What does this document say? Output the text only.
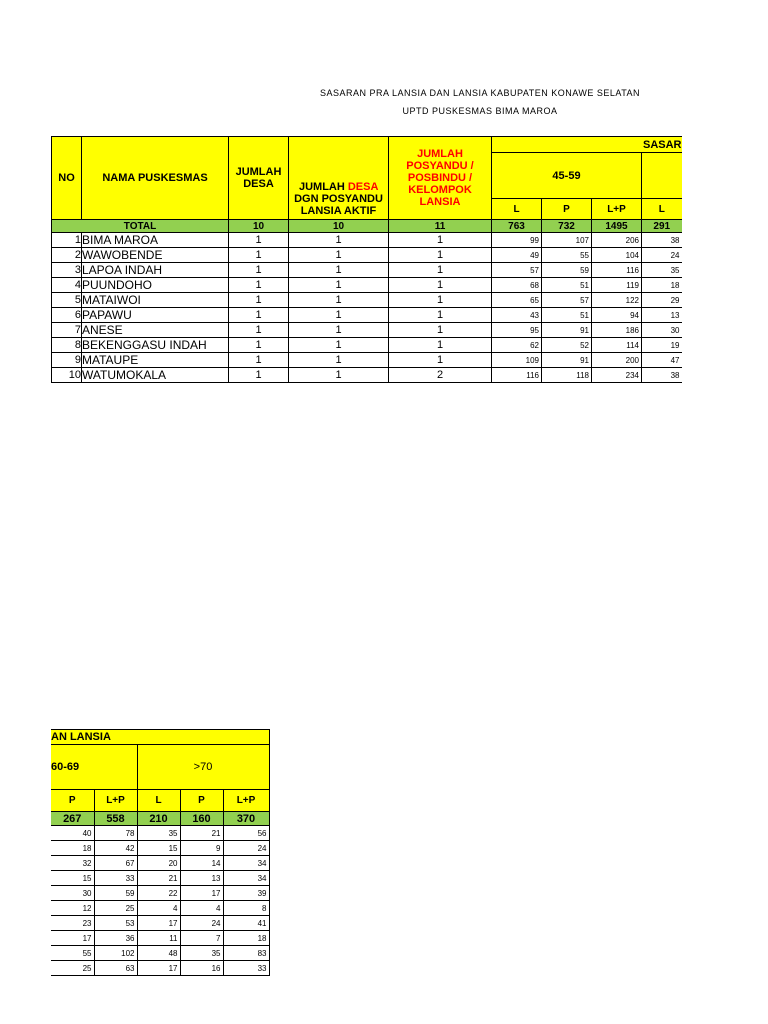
SASARAN PRA LANSIA DAN LANSIA KABUPATEN KONAWE SELATAN
UPTD PUSKESMAS BIMA MAROA
NO	NAMA PUSKESMAS	JUMLAH DESA	JUMLAH DESA DGN POSYANDU LANSIA AKTIF	JUMLAH POSYANDU / POSBINDU / KELOMPOK LANSIA	SASAR			
					45-59			
					L	P	L+P	L
TOTAL		10	10	11	763	732	1495	291
1	BIMA MAROA	1	1	1	99	107	206	38
2	WAWOBENDE	1	1	1	49	55	104	24
3	LAPOA INDAH	1	1	1	57	59	116	35
4	PUUNDOHO	1	1	1	68	51	119	18
5	MATAIWOI	1	1	1	65	57	122	29
6	PAPAWU	1	1	1	43	51	94	13
7	ANESE	1	1	1	95	91	186	30
8	BEKENGGASU INDAH	1	1	1	62	52	114	19
9	MATAUPE	1	1	1	109	91	200	47
10	WATUMOKALA	1	1	2	116	118	234	38
AN LANSIA				
60-69		>70		
P	L+P	L	P	L+P
267	558	210	160	370
40	78	35	21	56
18	42	15	9	24
32	67	20	14	34
15	33	21	13	34
30	59	22	17	39
12	25	4	4	8
23	53	17	24	41
17	36	11	7	18
55	102	48	35	83
25	63	17	16	33
